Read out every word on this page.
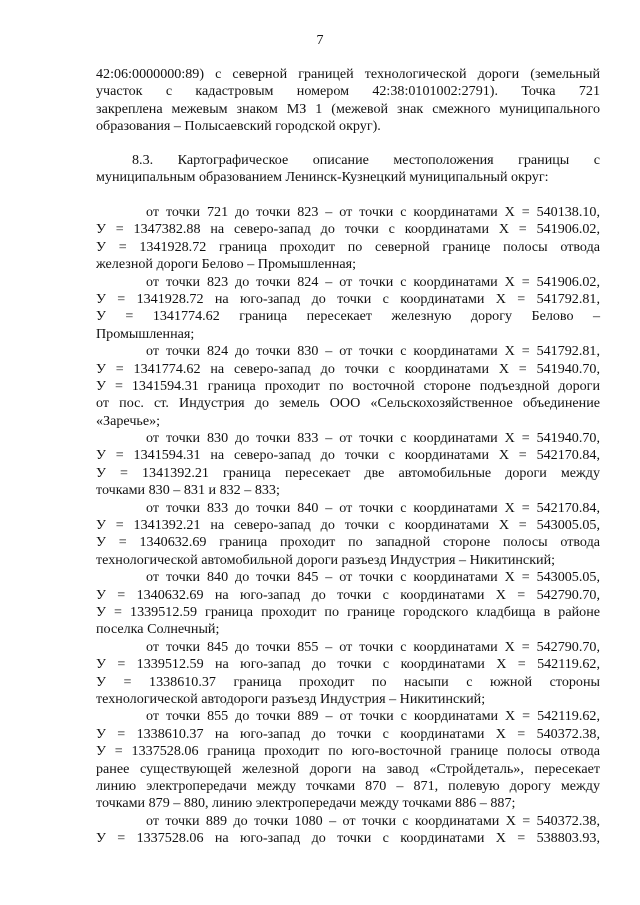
7
42:06:0000000:89) с северной границей технологической дороги (земельный
участок с кадастровым номером 42:38:0101002:2791). Точка 721
закреплена межевым знаком МЗ 1 (межевой знак смежного муниципального
образования – Полысаевский городской округ).
8.3. Картографическое описание местоположения границы с
муниципальным образованием Ленинск-Кузнецкий муниципальный округ:
от точки 721 до точки 823 – от точки с координатами Х = 540138.10,
У = 1347382.88 на северо-запад до точки с координатами Х = 541906.02,
У = 1341928.72 граница проходит по северной границе полосы отвода
железной дороги Белово – Промышленная;
от точки 823 до точки 824 – от точки с координатами Х = 541906.02,
У = 1341928.72 на юго-запад до точки с координатами Х = 541792.81,
У = 1341774.62 граница пересекает железную дорогу Белово –
Промышленная;
от точки 824 до точки 830 – от точки с координатами Х = 541792.81,
У = 1341774.62 на северо-запад до точки с координатами Х = 541940.70,
У = 1341594.31 граница проходит по восточной стороне подъездной дороги
от пос. ст. Индустрия до земель ООО «Сельскохозяйственное объединение
«Заречье»;
от точки 830 до точки 833 – от точки с координатами Х = 541940.70,
У = 1341594.31 на северо-запад до точки с координатами Х = 542170.84,
У = 1341392.21 граница пересекает две автомобильные дороги между
точками 830 – 831 и 832 – 833;
от точки 833 до точки 840 – от точки с координатами Х = 542170.84,
У = 1341392.21 на северо-запад до точки с координатами Х = 543005.05,
У = 1340632.69 граница проходит по западной стороне полосы отвода
технологической автомобильной дороги разъезд Индустрия – Никитинский;
от точки 840 до точки 845 – от точки с координатами Х = 543005.05,
У = 1340632.69 на юго-запад до точки с координатами Х = 542790.70,
У = 1339512.59 граница проходит по границе городского кладбища в районе
поселка Солнечный;
от точки 845 до точки 855 – от точки с координатами Х = 542790.70,
У = 1339512.59 на юго-запад до точки с координатами Х = 542119.62,
У = 1338610.37 граница проходит по насыпи с южной стороны
технологической автодороги разъезд Индустрия – Никитинский;
от точки 855 до точки 889 – от точки с координатами Х = 542119.62,
У = 1338610.37 на юго-запад до точки с координатами Х = 540372.38,
У = 1337528.06 граница проходит по юго-восточной границе полосы отвода
ранее существующей железной дороги на завод «Стройдеталь», пересекает
линию электропередачи между точками 870 – 871, полевую дорогу между
точками 879 – 880, линию электропередачи между точками 886 – 887;
от точки 889 до точки 1080 – от точки с координатами Х = 540372.38,
У = 1337528.06 на юго-запад до точки с координатами Х = 538803.93,
